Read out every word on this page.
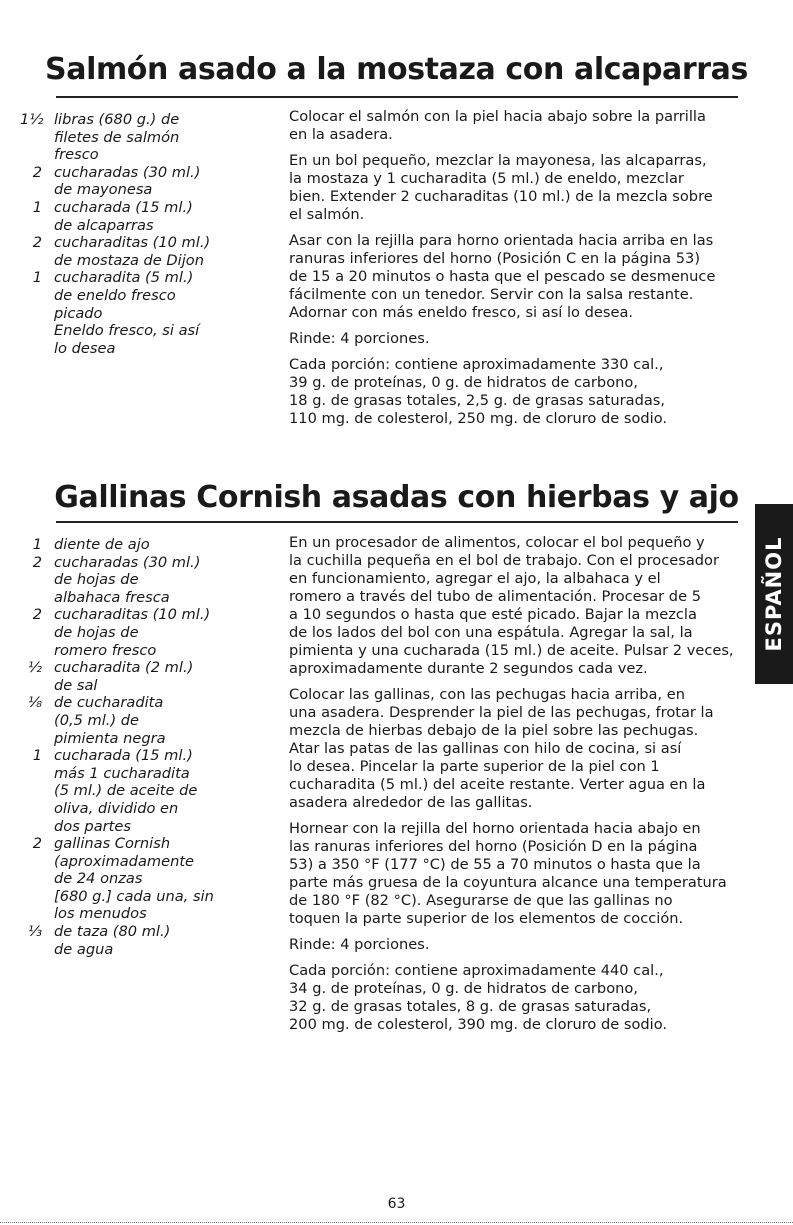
Salmón asado a la mostaza con alcaparras
1½ libras (680 g.) de
filetes de salmón
fresco
2 cucharadas (30 ml.)
de mayonesa
1 cucharada (15 ml.)
de alcaparras
2 cucharaditas (10 ml.)
de mostaza de Dijon
1 cucharadita (5 ml.)
de eneldo fresco
picado
Eneldo fresco, si así
lo desea

Colocar el salmón con la piel hacia abajo sobre la parrilla
en la asadera.

En un bol pequeño, mezclar la mayonesa, las alcaparras,
la mostaza y 1 cucharadita (5 ml.) de eneldo, mezclar
bien. Extender 2 cucharaditas (10 ml.) de la mezcla sobre
el salmón.

Asar con la rejilla para horno orientada hacia arriba en las
ranuras inferiores del horno (Posición C en la página 53)
de 15 a 20 minutos o hasta que el pescado se desmenuce
fácilmente con un tenedor. Servir con la salsa restante.
Adornar con más eneldo fresco, si así lo desea.

Rinde: 4 porciones.

Cada porción: contiene aproximadamente 330 cal.,
39 g. de proteínas, 0 g. de hidratos de carbono,
18 g. de grasas totales, 2,5 g. de grasas saturadas,
110 mg. de colesterol, 250 mg. de cloruro de sodio.

Gallinas Cornish asadas con hierbas y ajo
1 diente de ajo
2 cucharadas (30 ml.)
de hojas de
albahaca fresca
2 cucharaditas (10 ml.)
de hojas de
romero fresco
½ cucharadita (2 ml.)
de sal
⅛ de cucharadita
(0,5 ml.) de
pimienta negra
1 cucharada (15 ml.)
más 1 cucharadita
(5 ml.) de aceite de
oliva, dividido en
dos partes
2 gallinas Cornish
(aproximadamente
de 24 onzas
[680 g.] cada una, sin
los menudos
⅓ de taza (80 ml.)
de agua

En un procesador de alimentos, colocar el bol pequeño y
la cuchilla pequeña en el bol de trabajo. Con el procesador
en funcionamiento, agregar el ajo, la albahaca y el
romero a través del tubo de alimentación. Procesar de 5
a 10 segundos o hasta que esté picado. Bajar la mezcla
de los lados del bol con una espátula. Agregar la sal, la
pimienta y una cucharada (15 ml.) de aceite. Pulsar 2 veces,
aproximadamente durante 2 segundos cada vez.

Colocar las gallinas, con las pechugas hacia arriba, en
una asadera. Desprender la piel de las pechugas, frotar la
mezcla de hierbas debajo de la piel sobre las pechugas.
Atar las patas de las gallinas con hilo de cocina, si así
lo desea. Pincelar la parte superior de la piel con 1
cucharadita (5 ml.) del aceite restante. Verter agua en la
asadera alrededor de las gallitas.

Hornear con la rejilla del horno orientada hacia abajo en
las ranuras inferiores del horno (Posición D en la página
53) a 350 °F (177 °C) de 55 a 70 minutos o hasta que la
parte más gruesa de la coyuntura alcance una temperatura
de 180 °F (82 °C). Asegurarse de que las gallinas no
toquen la parte superior de los elementos de cocción.

Rinde: 4 porciones.

Cada porción: contiene aproximadamente 440 cal.,
34 g. de proteínas, 0 g. de hidratos de carbono,
32 g. de grasas totales, 8 g. de grasas saturadas,
200 mg. de colesterol, 390 mg. de cloruro de sodio.

ESPAÑOL
63
